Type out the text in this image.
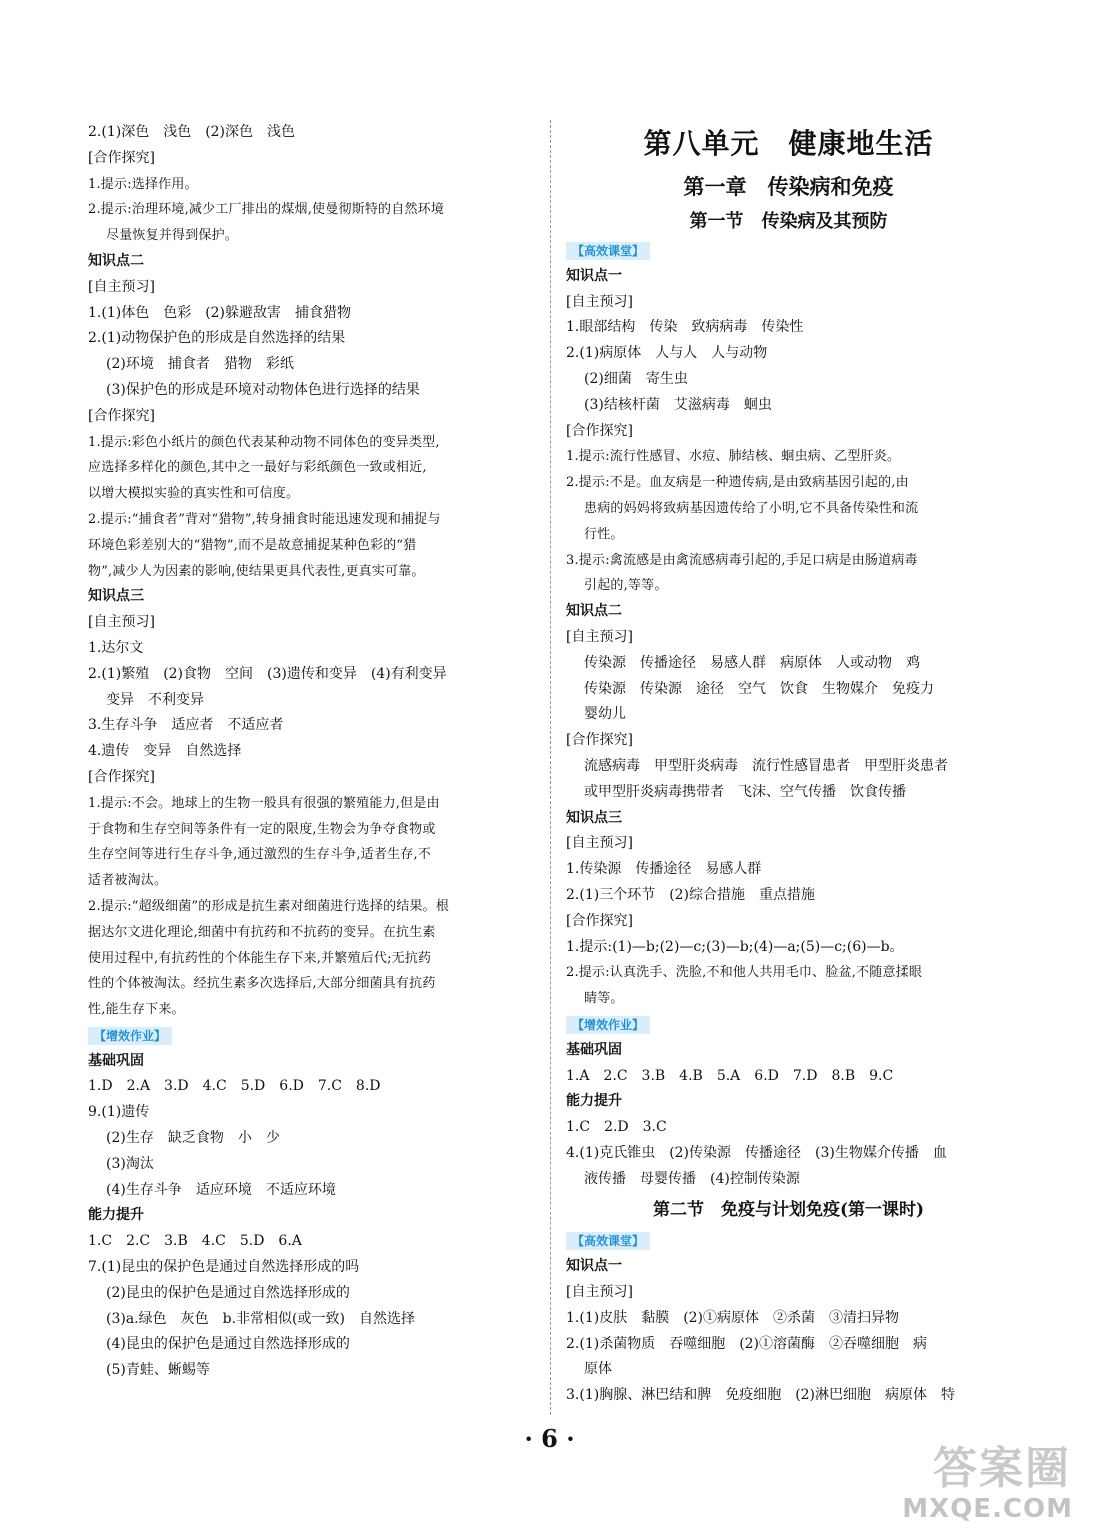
2.(1)深色　浅色　(2)深色　浅色
[合作探究]
1.提示:选择作用。
2.提示:治理环境,减少工厂排出的煤烟,使曼彻斯特的自然环境
尽量恢复并得到保护。
知识点二
[自主预习]
1.(1)体色　色彩　(2)躲避敌害　捕食猎物
2.(1)动物保护色的形成是自然选择的结果
(2)环境　捕食者　猎物　彩纸
(3)保护色的形成是环境对动物体色进行选择的结果
[合作探究]
1.提示:彩色小纸片的颜色代表某种动物不同体色的变异类型,
应选择多样化的颜色,其中之一最好与彩纸颜色一致或相近,
以增大模拟实验的真实性和可信度。
2.提示:“捕食者”背对“猎物”,转身捕食时能迅速发现和捕捉与
环境色彩差别大的“猎物”,而不是故意捕捉某种色彩的“猎
物”,减少人为因素的影响,使结果更具代表性,更真实可靠。
知识点三
[自主预习]
1.达尔文
2.(1)繁殖　(2)食物　空间　(3)遗传和变异　(4)有利变异
变异　不利变异
3.生存斗争　适应者　不适应者
4.遗传　变异　自然选择
[合作探究]
1.提示:不会。地球上的生物一般具有很强的繁殖能力,但是由
于食物和生存空间等条件有一定的限度,生物会为争夺食物或
生存空间等进行生存斗争,通过激烈的生存斗争,适者生存,不
适者被淘汰。
2.提示:“超级细菌”的形成是抗生素对细菌进行选择的结果。根
据达尔文进化理论,细菌中有抗药和不抗药的变异。在抗生素
使用过程中,有抗药性的个体能生存下来,并繁殖后代;无抗药
性的个体被淘汰。经抗生素多次选择后,大部分细菌具有抗药
性,能生存下来。
【增效作业】
基础巩固
1.D　2.A　3.D　4.C　5.D　6.D　7.C　8.D
9.(1)遗传
(2)生存　缺乏食物　小　少
(3)淘汰
(4)生存斗争　适应环境　不适应环境
能力提升
1.C　2.C　3.B　4.C　5.D　6.A
7.(1)昆虫的保护色是通过自然选择形成的吗
(2)昆虫的保护色是通过自然选择形成的
(3)a.绿色　灰色　b.非常相似(或一致)　自然选择
(4)昆虫的保护色是通过自然选择形成的
(5)青蛙、蜥蜴等
第八单元　健康地生活
第一章　传染病和免疫
第一节　传染病及其预防
【高效课堂】
知识点一
[自主预习]
1.眼部结构　传染　致病病毒　传染性
2.(1)病原体　人与人　人与动物
(2)细菌　寄生虫
(3)结核杆菌　艾滋病毒　蛔虫
[合作探究]
1.提示:流行性感冒、水痘、肺结核、蛔虫病、乙型肝炎。
2.提示:不是。血友病是一种遗传病,是由致病基因引起的,由
患病的妈妈将致病基因遗传给了小明,它不具备传染性和流
行性。
3.提示:禽流感是由禽流感病毒引起的,手足口病是由肠道病毒
引起的,等等。
知识点二
[自主预习]
传染源　传播途径　易感人群　病原体　人或动物　鸡
传染源　传染源　途径　空气　饮食　生物媒介　免疫力
婴幼儿
[合作探究]
流感病毒　甲型肝炎病毒　流行性感冒患者　甲型肝炎患者
或甲型肝炎病毒携带者　飞沫、空气传播　饮食传播
知识点三
[自主预习]
1.传染源　传播途径　易感人群
2.(1)三个环节　(2)综合措施　重点措施
[合作探究]
1.提示:(1)—b;(2)—c;(3)—b;(4)—a;(5)—c;(6)—b。
2.提示:认真洗手、洗脸,不和他人共用毛巾、脸盆,不随意揉眼
睛等。
【增效作业】
基础巩固
1.A　2.C　3.B　4.B　5.A　6.D　7.D　8.B　9.C
能力提升
1.C　2.D　3.C
4.(1)克氏锥虫　(2)传染源　传播途径　(3)生物媒介传播　血
液传播　母婴传播　(4)控制传染源
第二节　免疫与计划免疫(第一课时)
【高效课堂】
知识点一
[自主预习]
1.(1)皮肤　黏膜　(2)①病原体　②杀菌　③清扫异物
2.(1)杀菌物质　吞噬细胞　(2)①溶菌酶　②吞噬细胞　病
原体
3.(1)胸腺、淋巴结和脾　免疫细胞　(2)淋巴细胞　病原体　特
· 6 ·
答案圈
MXQE.COM
